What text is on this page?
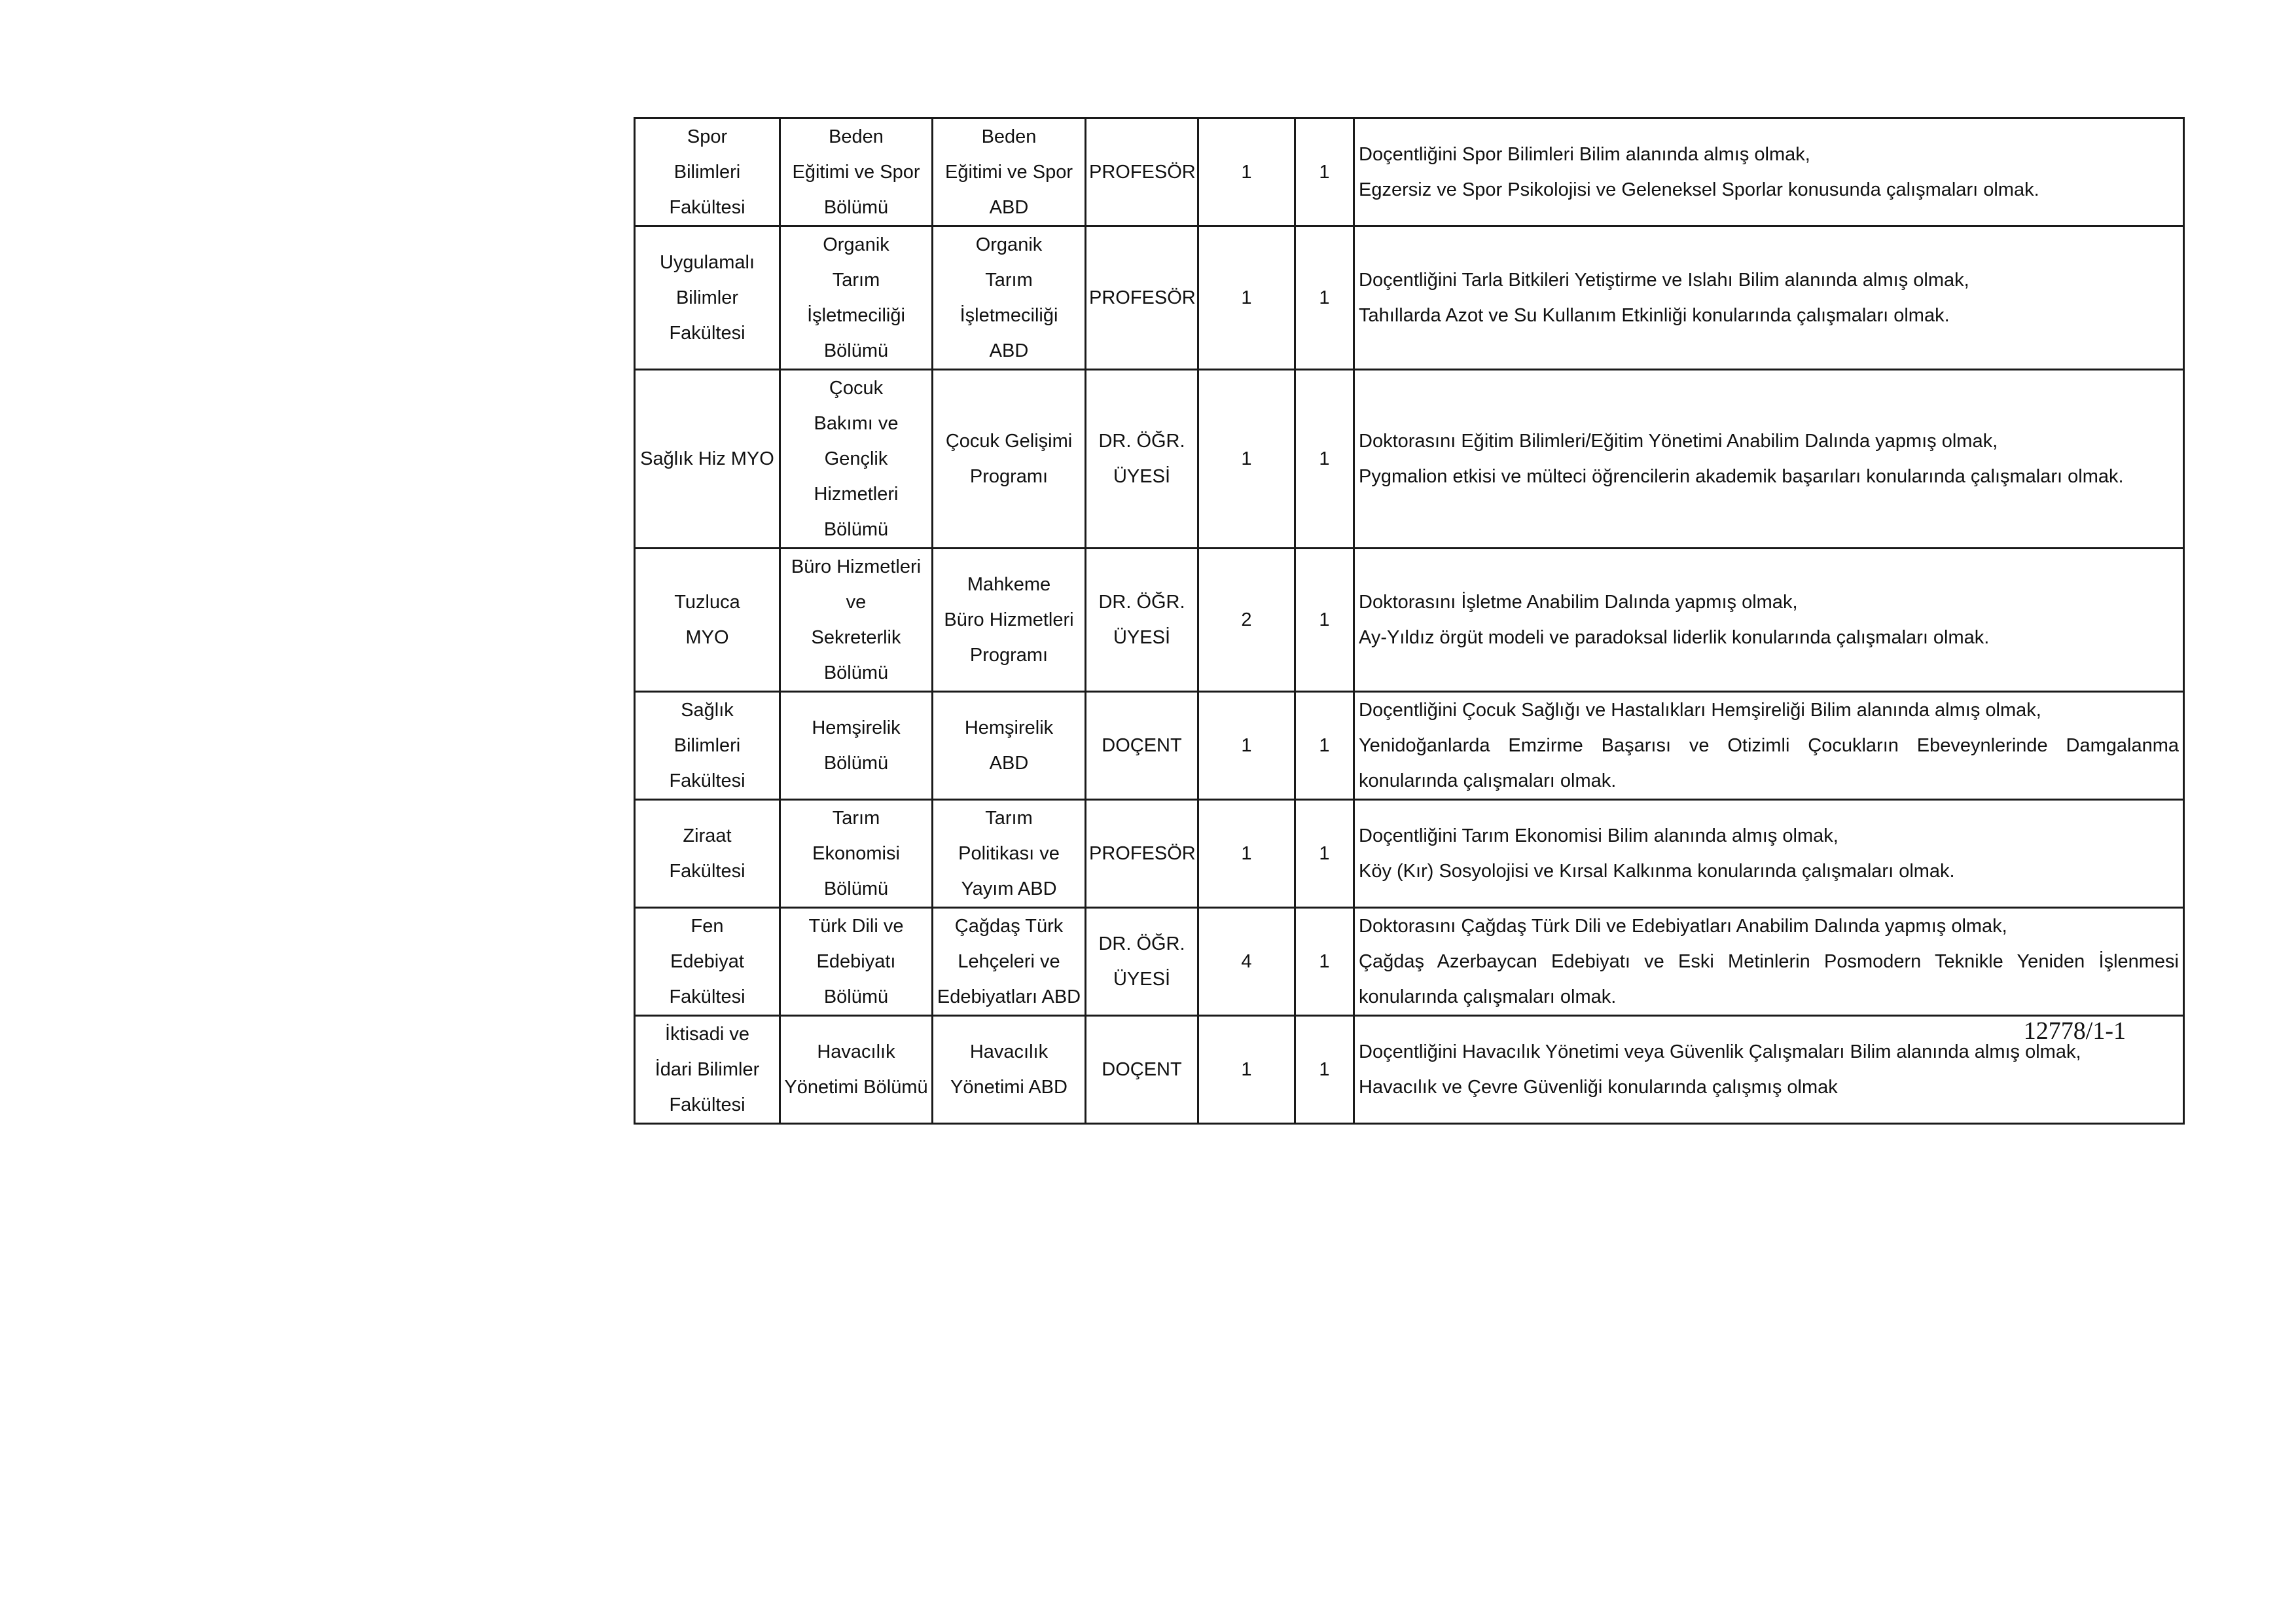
Spor
Bilimleri
Fakültesi	Beden
Eğitimi ve Spor
Bölümü	Beden
Eğitimi ve Spor
ABD	PROFESÖR	1	1	Doçentliğini Spor Bilimleri Bilim alanında almış olmak,
Egzersiz ve Spor Psikolojisi ve Geleneksel Sporlar konusunda çalışmaları olmak.

Uygulamalı
Bilimler Fakültesi	Organik
Tarım İşletmeciliği
Bölümü	Organik
Tarım İşletmeciliği
ABD	PROFESÖR	1	1	Doçentliğini Tarla Bitkileri Yetiştirme ve Islahı Bilim alanında almış olmak,
Tahıllarda Azot ve Su Kullanım Etkinliği konularında çalışmaları olmak.

Sağlık Hiz MYO	Çocuk
Bakımı ve
Gençlik Hizmetleri
Bölümü	Çocuk Gelişimi
Programı	DR. ÖĞR.
ÜYESİ	1	1	Doktorasını Eğitim Bilimleri/Eğitim Yönetimi Anabilim Dalında yapmış olmak,
Pygmalion etkisi ve mülteci öğrencilerin akademik başarıları konularında çalışmaları olmak.

Tuzluca
MYO	Büro Hizmetleri ve
Sekreterlik
Bölümü	Mahkeme
Büro Hizmetleri
Programı	DR. ÖĞR.
ÜYESİ	2	1	Doktorasını İşletme Anabilim Dalında yapmış olmak,
Ay-Yıldız örgüt modeli ve paradoksal liderlik konularında çalışmaları olmak.

Sağlık
Bilimleri
Fakültesi	Hemşirelik
Bölümü	Hemşirelik
ABD	DOÇENT	1	1	Doçentliğini Çocuk Sağlığı ve Hastalıkları Hemşireliği Bilim alanında almış olmak,
Yenidoğanlarda Emzirme Başarısı ve Otizimli Çocukların Ebeveynlerinde Damgalanma konularında çalışmaları olmak.

Ziraat
Fakültesi	Tarım
Ekonomisi
Bölümü	Tarım
Politikası ve
Yayım ABD	PROFESÖR	1	1	Doçentliğini Tarım Ekonomisi Bilim alanında almış olmak,
Köy (Kır) Sosyolojisi ve Kırsal Kalkınma konularında çalışmaları olmak.

Fen
Edebiyat
Fakültesi	Türk Dili ve
Edebiyatı Bölümü	Çağdaş Türk
Lehçeleri ve
Edebiyatları ABD	DR. ÖĞR.
ÜYESİ	4	1	Doktorasını Çağdaş Türk Dili ve Edebiyatları Anabilim Dalında yapmış olmak,
Çağdaş Azerbaycan Edebiyatı ve Eski Metinlerin Posmodern Teknikle Yeniden İşlenmesi konularında çalışmaları olmak.

İktisadi ve
İdari Bilimler
Fakültesi	Havacılık
Yönetimi Bölümü	Havacılık
Yönetimi ABD	DOÇENT	1	1	Doçentliğini Havacılık Yönetimi veya Güvenlik Çalışmaları Bilim alanında almış olmak,
Havacılık ve Çevre Güvenliği konularında çalışmış olmak
12778/1-1
